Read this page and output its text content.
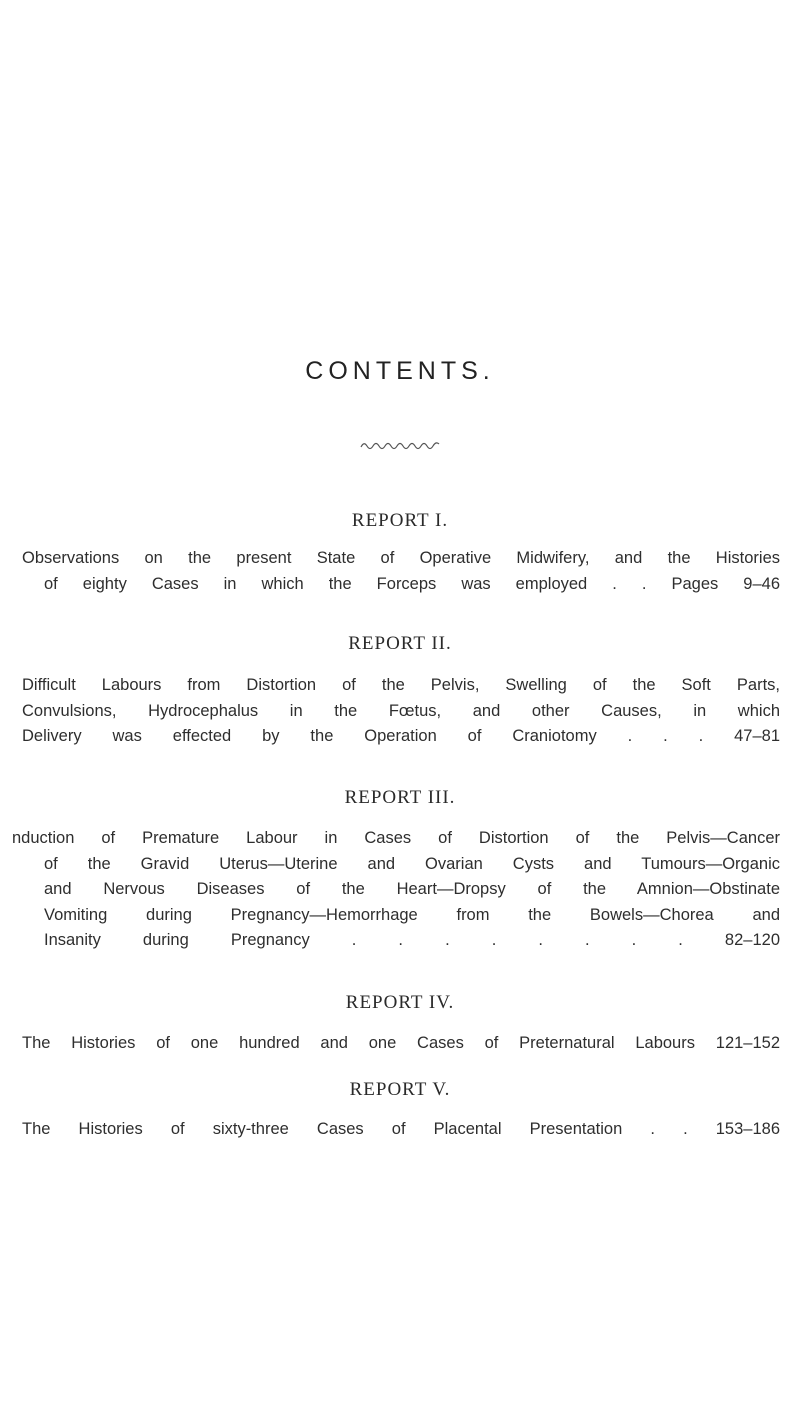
CONTENTS.
REPORT I.
Observations on the present State of Operative Midwifery, and the Histories
of eighty Cases in which the Forceps was employed . . Pages 9–46
REPORT II.
Difficult Labours from Distortion of the Pelvis, Swelling of the Soft Parts,
Convulsions, Hydrocephalus in the Fœtus, and other Causes, in which
Delivery was effected by the Operation of Craniotomy . . . 47–81
REPORT III.
nduction of Premature Labour in Cases of Distortion of the Pelvis—Cancer
of the Gravid Uterus—Uterine and Ovarian Cysts and Tumours—Organic
and Nervous Diseases of the Heart—Dropsy of the Amnion—Obstinate
Vomiting during Pregnancy—Hemorrhage from the Bowels—Chorea and
Insanity during Pregnancy . . . . . . . . 82–120
REPORT IV.
The Histories of one hundred and one Cases of Preternatural Labours 121–152
REPORT V.
The Histories of sixty-three Cases of Placental Presentation . . 153–186
